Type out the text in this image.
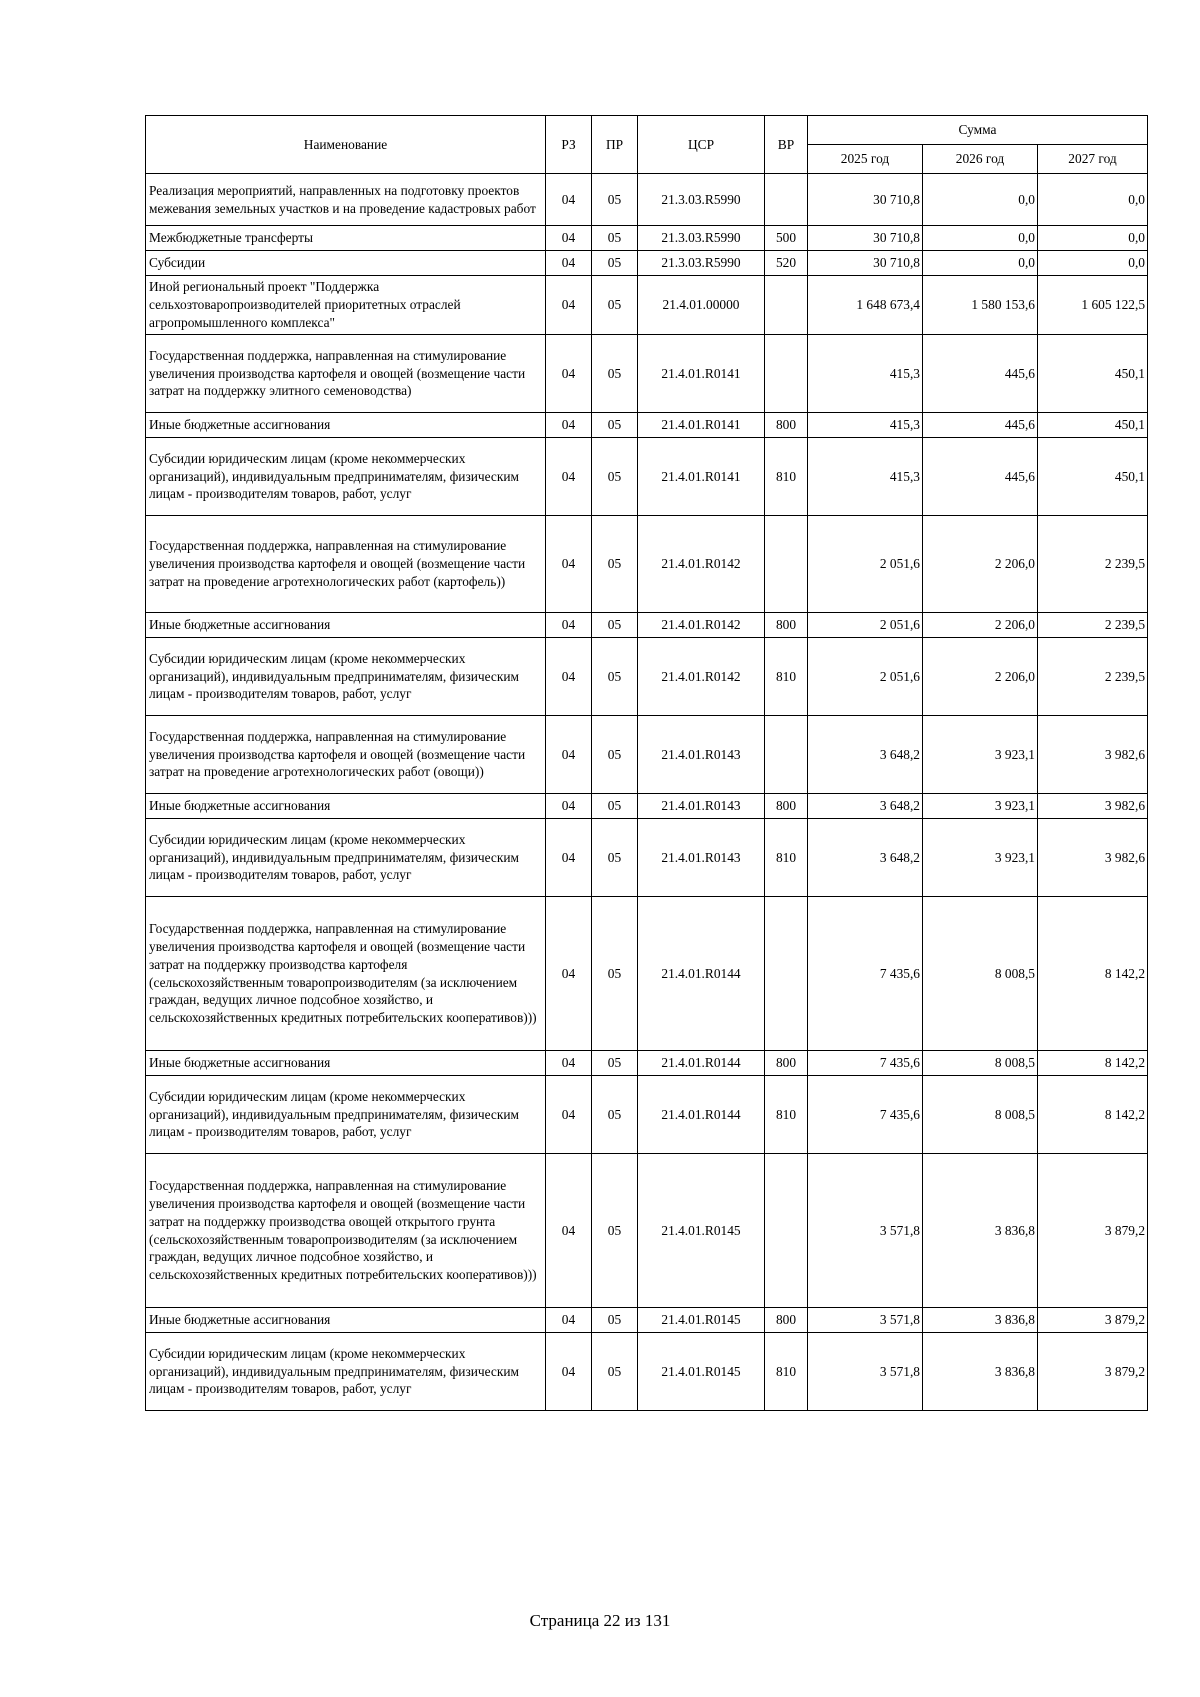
Наименование	РЗ	ПР	ЦСР	ВР	Сумма		
					2025 год	2026 год	2027 год
Реализация мероприятий, направленных на подготовку проектов межевания земельных участков и на проведение кадастровых работ	04	05	21.3.03.R5990		30 710,8	0,0	0,0
Межбюджетные трансферты	04	05	21.3.03.R5990	500	30 710,8	0,0	0,0
Субсидии	04	05	21.3.03.R5990	520	30 710,8	0,0	0,0
Иной региональный проект "Поддержка сельхозтоваропроизводителей приоритетных отраслей агропромышленного комплекса"	04	05	21.4.01.00000		1 648 673,4	1 580 153,6	1 605 122,5
Государственная поддержка, направленная на стимулирование увеличения производства картофеля и овощей (возмещение части затрат на поддержку элитного семеноводства)	04	05	21.4.01.R0141		415,3	445,6	450,1
Иные бюджетные ассигнования	04	05	21.4.01.R0141	800	415,3	445,6	450,1
Субсидии юридическим лицам (кроме некоммерческих организаций), индивидуальным предпринимателям, физическим лицам - производителям товаров, работ, услуг	04	05	21.4.01.R0141	810	415,3	445,6	450,1
Государственная поддержка, направленная на стимулирование увеличения производства картофеля и овощей (возмещение части затрат на проведение агротехнологических работ (картофель))	04	05	21.4.01.R0142		2 051,6	2 206,0	2 239,5
Иные бюджетные ассигнования	04	05	21.4.01.R0142	800	2 051,6	2 206,0	2 239,5
Субсидии юридическим лицам (кроме некоммерческих организаций), индивидуальным предпринимателям, физическим лицам - производителям товаров, работ, услуг	04	05	21.4.01.R0142	810	2 051,6	2 206,0	2 239,5
Государственная поддержка, направленная на стимулирование увеличения производства картофеля и овощей (возмещение части затрат на проведение агротехнологических работ (овощи))	04	05	21.4.01.R0143		3 648,2	3 923,1	3 982,6
Иные бюджетные ассигнования	04	05	21.4.01.R0143	800	3 648,2	3 923,1	3 982,6
Субсидии юридическим лицам (кроме некоммерческих организаций), индивидуальным предпринимателям, физическим лицам - производителям товаров, работ, услуг	04	05	21.4.01.R0143	810	3 648,2	3 923,1	3 982,6
Государственная поддержка, направленная на стимулирование увеличения производства картофеля и овощей (возмещение части затрат на поддержку производства картофеля (сельскохозяйственным товаропроизводителям (за исключением граждан, ведущих личное подсобное хозяйство, и сельскохозяйственных кредитных потребительских кооперативов)))	04	05	21.4.01.R0144		7 435,6	8 008,5	8 142,2
Иные бюджетные ассигнования	04	05	21.4.01.R0144	800	7 435,6	8 008,5	8 142,2
Субсидии юридическим лицам (кроме некоммерческих организаций), индивидуальным предпринимателям, физическим лицам - производителям товаров, работ, услуг	04	05	21.4.01.R0144	810	7 435,6	8 008,5	8 142,2
Государственная поддержка, направленная на стимулирование увеличения производства картофеля и овощей (возмещение части затрат на поддержку производства овощей открытого грунта (сельскохозяйственным товаропроизводителям (за исключением граждан, ведущих личное подсобное хозяйство, и сельскохозяйственных кредитных потребительских кооперативов)))	04	05	21.4.01.R0145		3 571,8	3 836,8	3 879,2
Иные бюджетные ассигнования	04	05	21.4.01.R0145	800	3 571,8	3 836,8	3 879,2
Субсидии юридическим лицам (кроме некоммерческих организаций), индивидуальным предпринимателям, физическим лицам - производителям товаров, работ, услуг	04	05	21.4.01.R0145	810	3 571,8	3 836,8	3 879,2
Страница 22 из 131
